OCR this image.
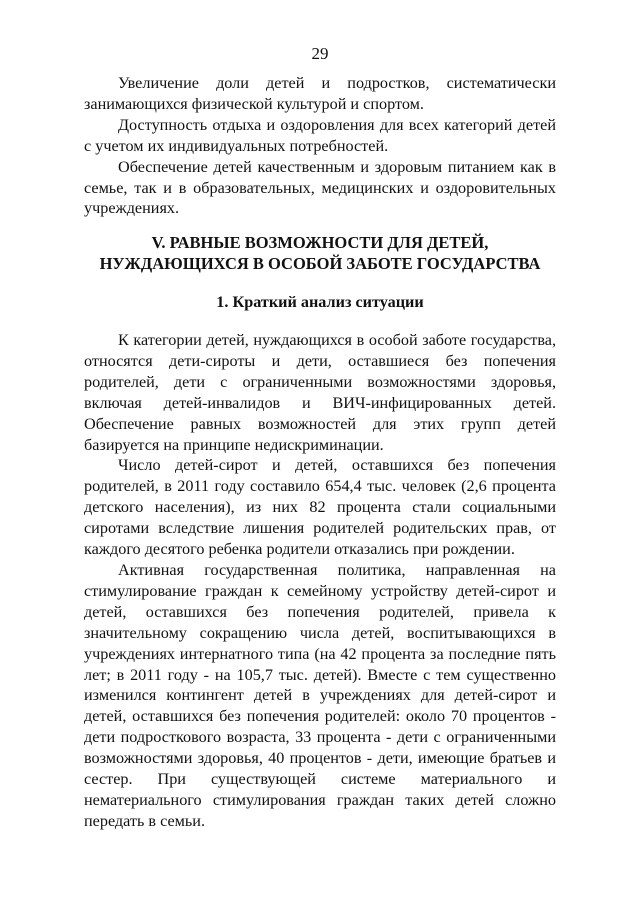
29

Увеличение доли детей и подростков, систематически занимающихся физической культурой и спортом.

Доступность отдыха и оздоровления для всех категорий детей с учетом их индивидуальных потребностей.

Обеспечение детей качественным и здоровым питанием как в семье, так и в образовательных, медицинских и оздоровительных учреждениях.

V. РАВНЫЕ ВОЗМОЖНОСТИ ДЛЯ ДЕТЕЙ,
НУЖДАЮЩИХСЯ В ОСОБОЙ ЗАБОТЕ ГОСУДАРСТВА
1. Краткий анализ ситуации

К категории детей, нуждающихся в особой заботе государства, относятся дети-сироты и дети, оставшиеся без попечения родителей, дети с ограниченными возможностями здоровья, включая детей-инвалидов и ВИЧ-инфицированных детей. Обеспечение равных возможностей для этих групп детей базируется на принципе недискриминации.

Число детей-сирот и детей, оставшихся без попечения родителей, в 2011 году составило 654,4 тыс. человек (2,6 процента детского населения), из них 82 процента стали социальными сиротами вследствие лишения родителей родительских прав, от каждого десятого ребенка родители отказались при рождении.

Активная государственная политика, направленная на стимулирование граждан к семейному устройству детей-сирот и детей, оставшихся без попечения родителей, привела к значительному сокращению числа детей, воспитывающихся в учреждениях интернатного типа (на 42 процента за последние пять лет; в 2011 году - на 105,7 тыс. детей). Вместе с тем существенно изменился контингент детей в учреждениях для детей-сирот и детей, оставшихся без попечения родителей: около 70 процентов - дети подросткового возраста, 33 процента - дети с ограниченными возможностями здоровья, 40 процентов - дети, имеющие братьев и сестер. При существующей системе материального и нематериального стимулирования граждан таких детей сложно передать в семьи.
